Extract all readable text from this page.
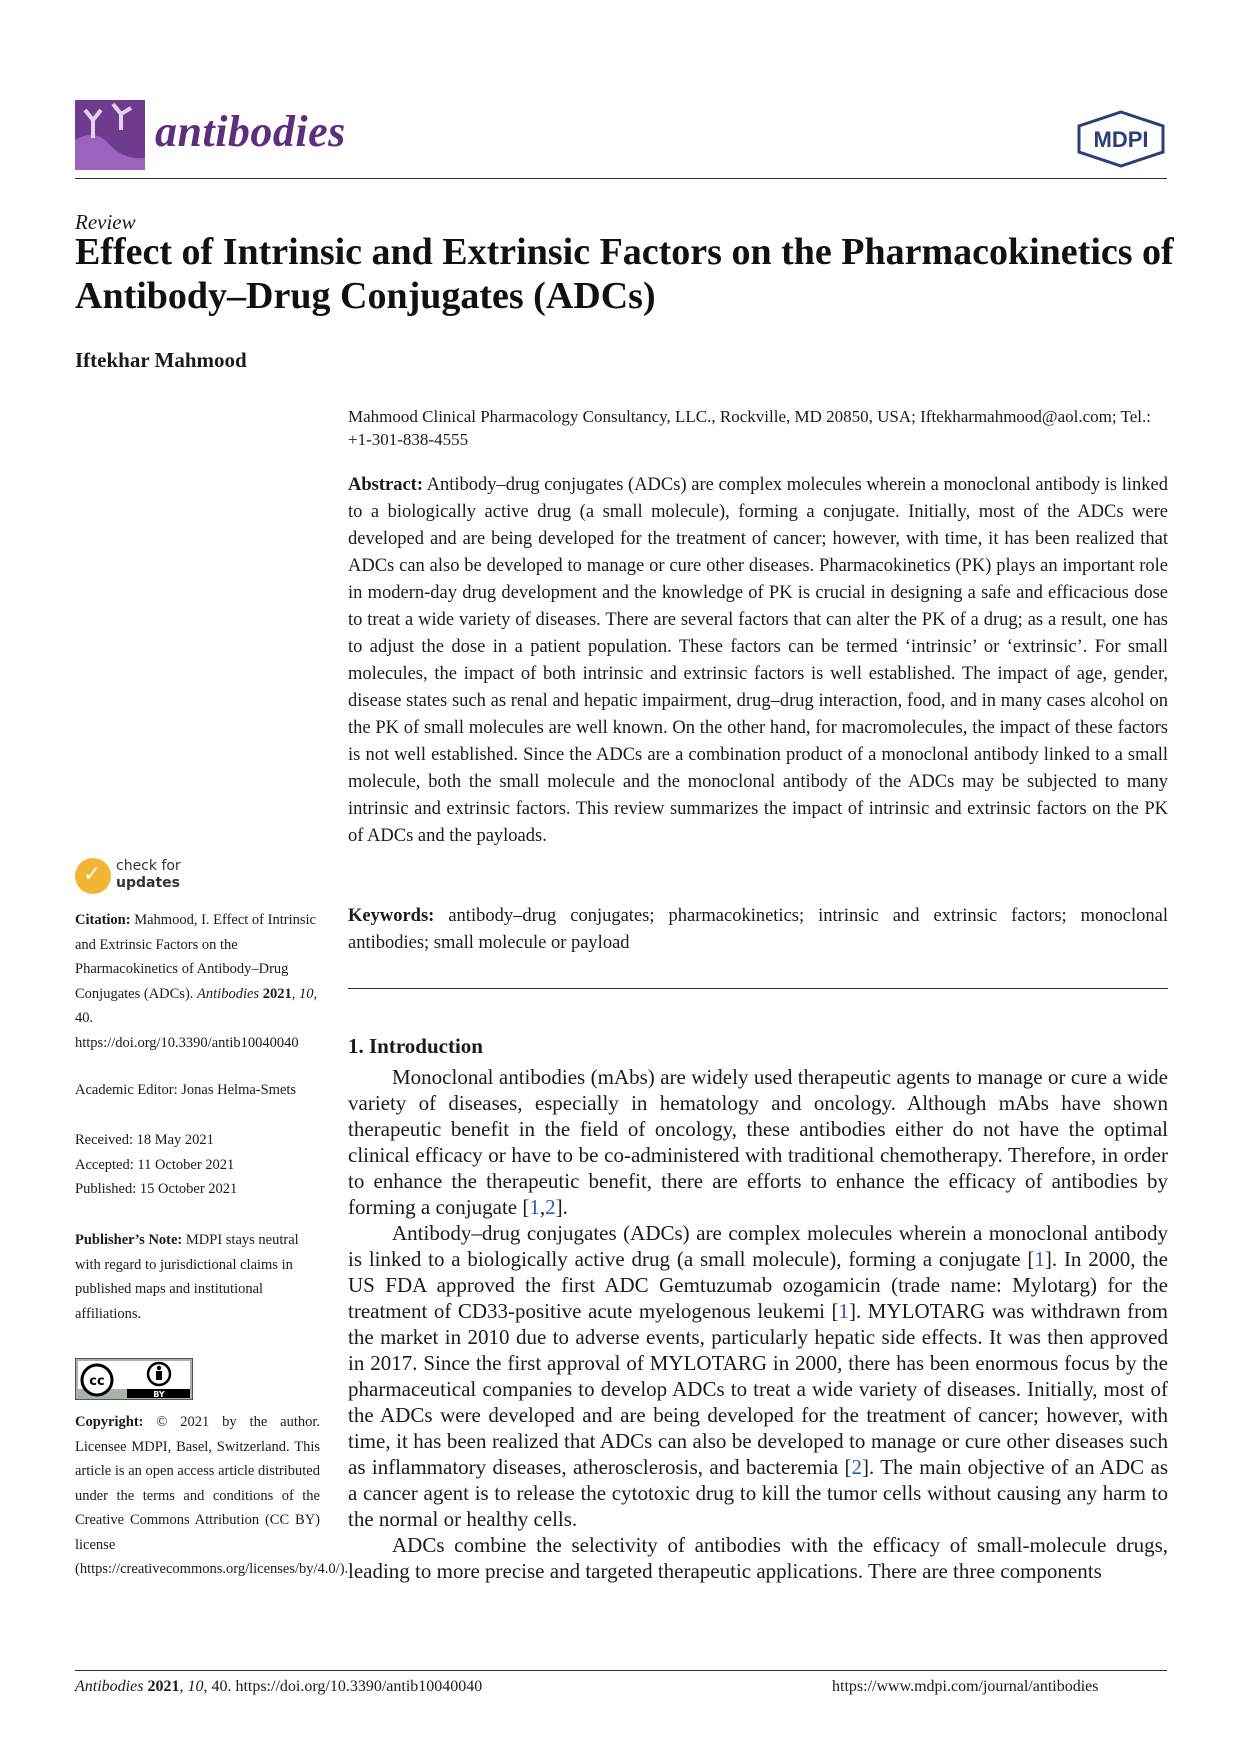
antibodies	MDPI
Review
Effect of Intrinsic and Extrinsic Factors on the Pharmacokinetics of Antibody–Drug Conjugates (ADCs)
Iftekhar Mahmood
Mahmood Clinical Pharmacology Consultancy, LLC., Rockville, MD 20850, USA; Iftekharmahmood@aol.com; Tel.: +1-301-838-4555
Abstract: Antibody–drug conjugates (ADCs) are complex molecules wherein a monoclonal antibody is linked to a biologically active drug (a small molecule), forming a conjugate. Initially, most of the ADCs were developed and are being developed for the treatment of cancer; however, with time, it has been realized that ADCs can also be developed to manage or cure other diseases. Pharmacokinetics (PK) plays an important role in modern-day drug development and the knowledge of PK is crucial in designing a safe and efficacious dose to treat a wide variety of diseases. There are several factors that can alter the PK of a drug; as a result, one has to adjust the dose in a patient population. These factors can be termed ‘intrinsic’ or ‘extrinsic’. For small molecules, the impact of both intrinsic and extrinsic factors is well established. The impact of age, gender, disease states such as renal and hepatic impairment, drug–drug interaction, food, and in many cases alcohol on the PK of small molecules are well known. On the other hand, for macromolecules, the impact of these factors is not well established. Since the ADCs are a combination product of a monoclonal antibody linked to a small molecule, both the small molecule and the monoclonal antibody of the ADCs may be subjected to many intrinsic and extrinsic factors. This review summarizes the impact of intrinsic and extrinsic factors on the PK of ADCs and the payloads.
Keywords: antibody–drug conjugates; pharmacokinetics; intrinsic and extrinsic factors; monoclonal antibodies; small molecule or payload
1. Introduction

Monoclonal antibodies (mAbs) are widely used therapeutic agents to manage or cure a wide variety of diseases, especially in hematology and oncology. Although mAbs have shown therapeutic benefit in the field of oncology, these antibodies either do not have the optimal clinical efficacy or have to be co-administered with traditional chemotherapy. Therefore, in order to enhance the therapeutic benefit, there are efforts to enhance the efficacy of antibodies by forming a conjugate [1,2].

Antibody–drug conjugates (ADCs) are complex molecules wherein a monoclonal antibody is linked to a biologically active drug (a small molecule), forming a conjugate [1]. In 2000, the US FDA approved the first ADC Gemtuzumab ozogamicin (trade name: Mylotarg) for the treatment of CD33-positive acute myelogenous leukemi [1]. MYLOTARG was withdrawn from the market in 2010 due to adverse events, particularly hepatic side effects. It was then approved in 2017. Since the first approval of MYLOTARG in 2000, there has been enormous focus by the pharmaceutical companies to develop ADCs to treat a wide variety of diseases. Initially, most of the ADCs were developed and are being developed for the treatment of cancer; however, with time, it has been realized that ADCs can also be developed to manage or cure other diseases such as inflammatory diseases, atherosclerosis, and bacteremia [2]. The main objective of an ADC as a cancer agent is to release the cytotoxic drug to kill the tumor cells without causing any harm to the normal or healthy cells.

ADCs combine the selectivity of antibodies with the efficacy of small-molecule drugs, leading to more precise and targeted therapeutic applications. There are three components

✓ check for
updates
Citation: Mahmood, I. Effect of Intrinsic and Extrinsic Factors on the Pharmacokinetics of Antibody–Drug Conjugates (ADCs). Antibodies 2021, 10, 40. https://doi.org/10.3390/antib10040040
Academic Editor: Jonas Helma-Smets
Received: 18 May 2021
Accepted: 11 October 2021
Published: 15 October 2021
Publisher’s Note: MDPI stays neutral with regard to jurisdictional claims in published maps and institutional affiliations.
cc
BY
Copyright: © 2021 by the author. Licensee MDPI, Basel, Switzerland. This article is an open access article distributed under the terms and conditions of the Creative Commons Attribution (CC BY) license (https://creativecommons.org/licenses/by/4.0/).
Antibodies 2021, 10, 40. https://doi.org/10.3390/antib10040040	https://www.mdpi.com/journal/antibodies
